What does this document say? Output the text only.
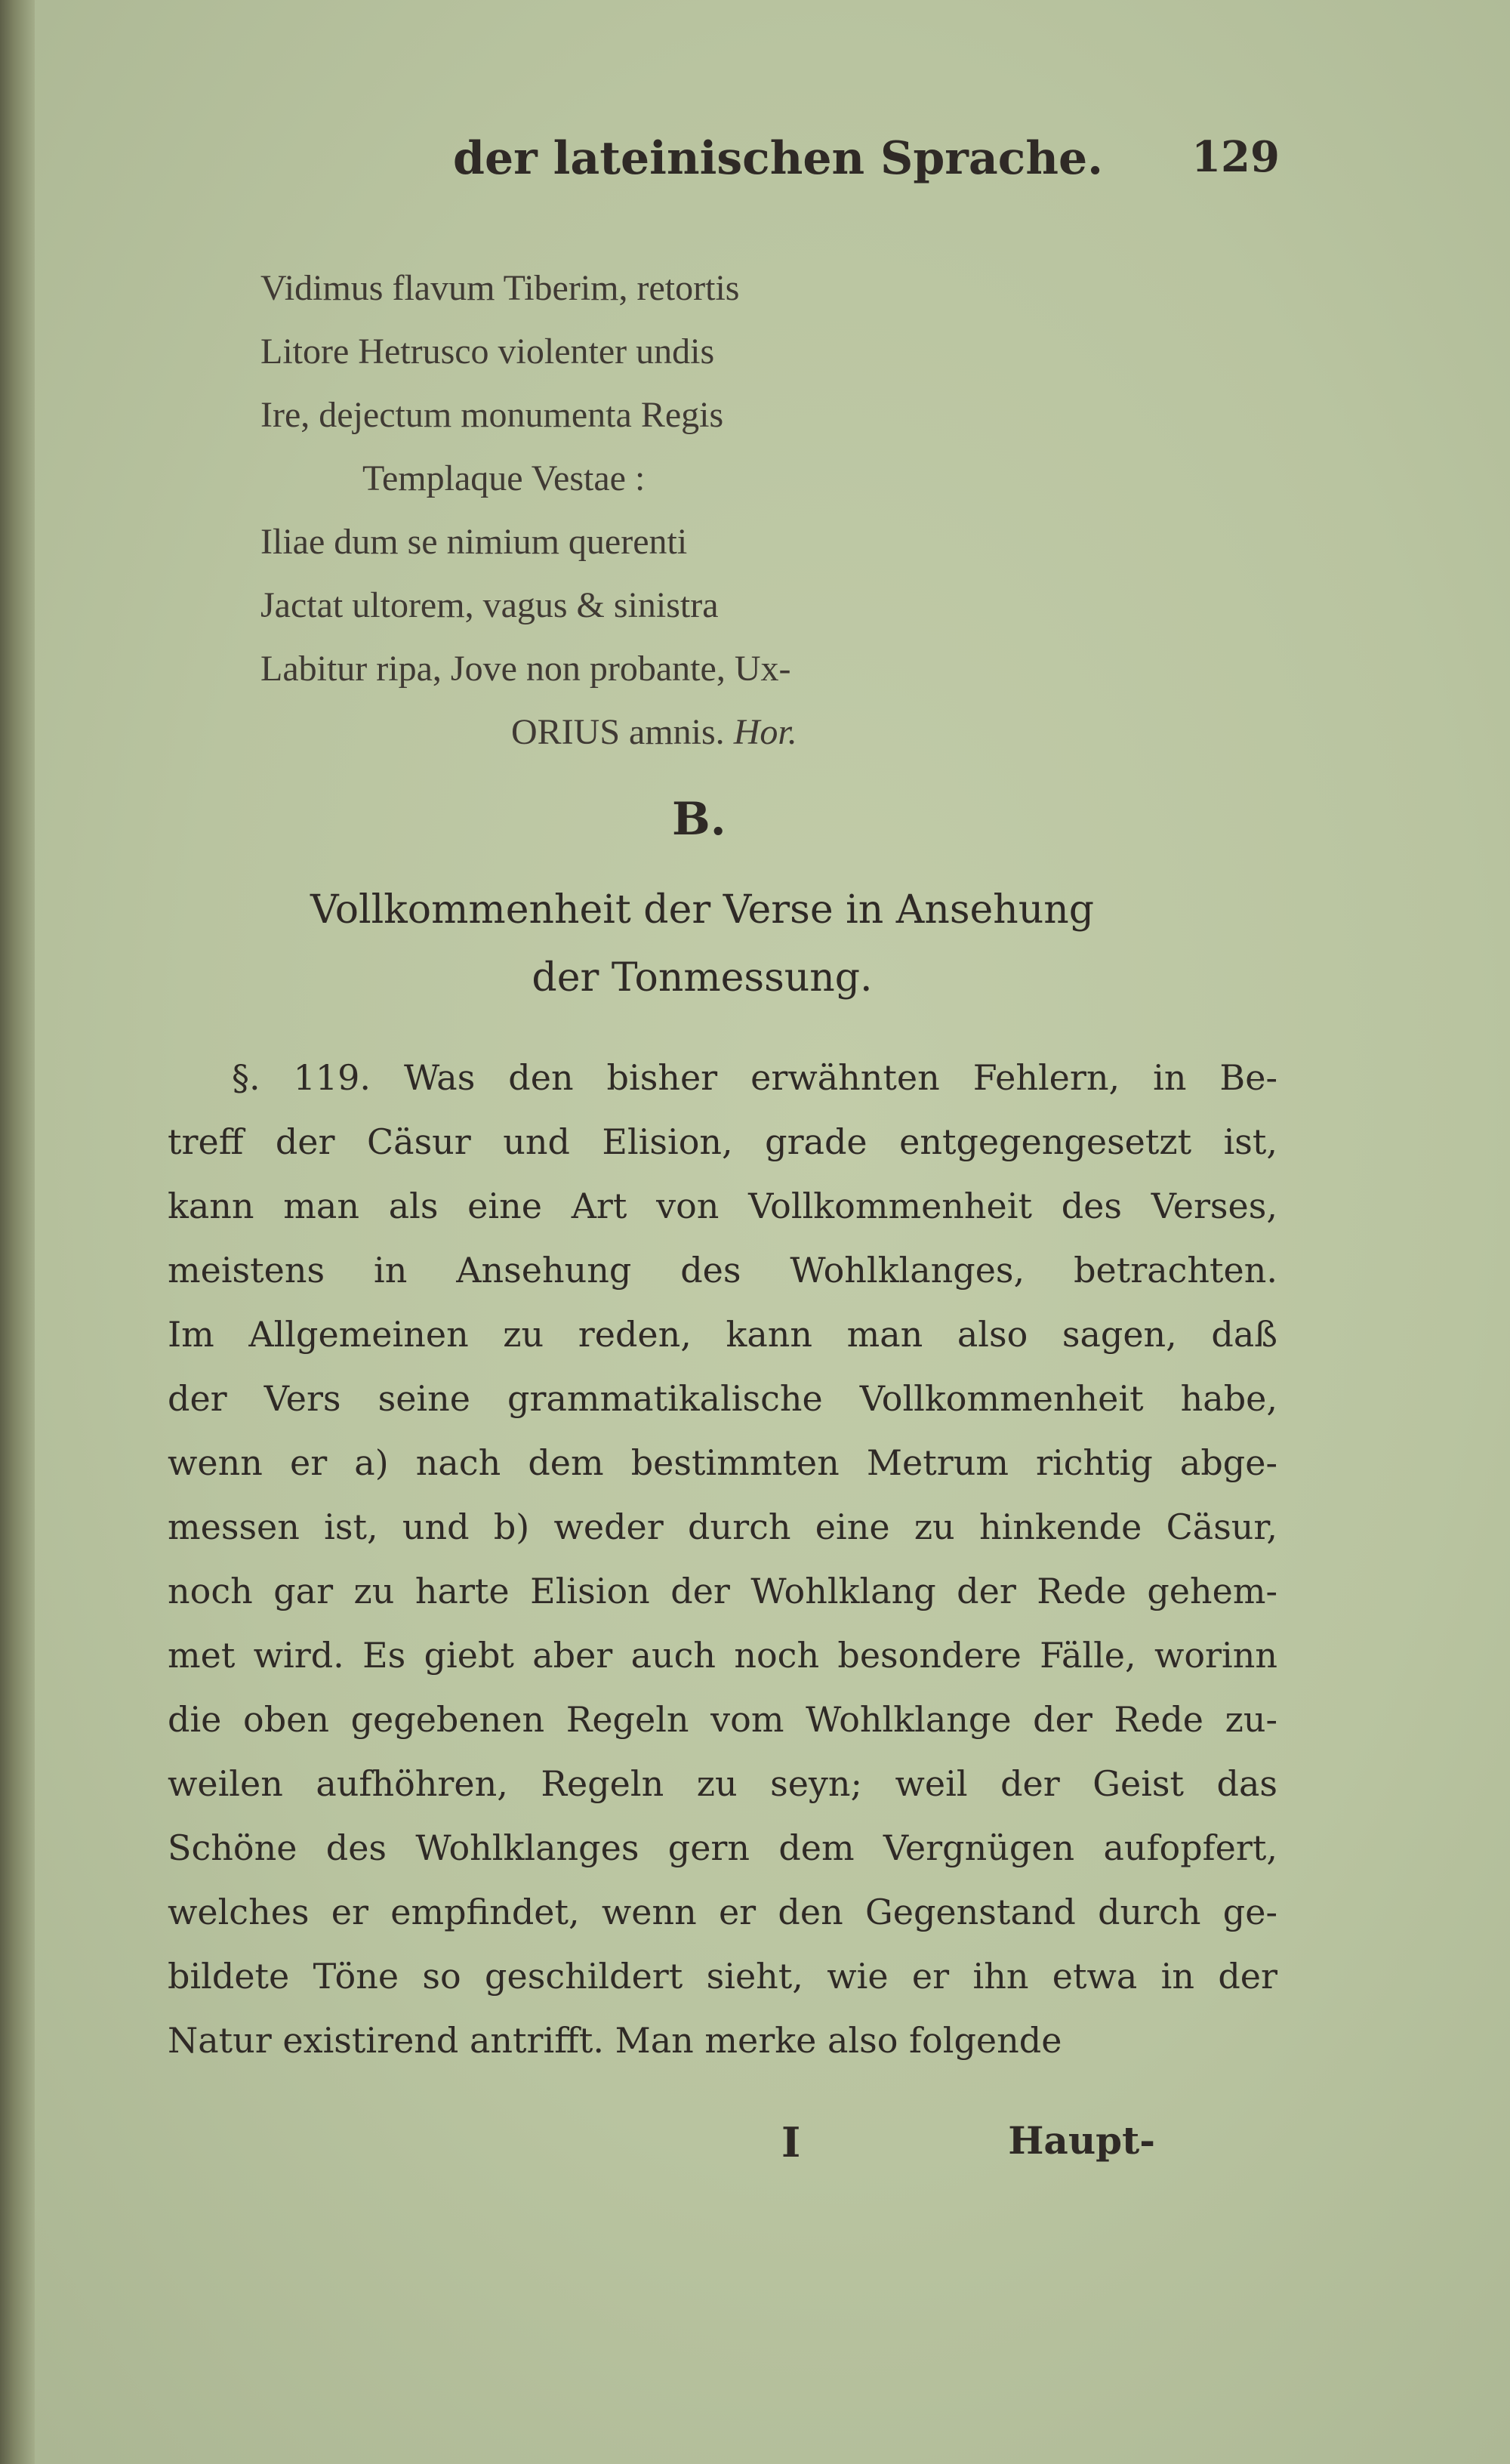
der lateinischen Sprache.	129
Vidimus flavum Tiberim, retortis
Litore Hetrusco violenter undis
Ire, dejectum monumenta Regis
Templaque Vestae :
Iliae dum se nimium querenti
Jactat ultorem, vagus & sinistra
Labitur ripa, Jove non probante, Ux-
ORIUS amnis. Hor.
B.
Vollkommenheit der Verse in Ansehung
der Tonmessung.
§. 119. Was den bisher erwähnten Fehlern, in Be-
treff der Cäsur und Elision, grade entgegengesetzt ist,
kann man als eine Art von Vollkommenheit des Verses,
meistens in Ansehung des Wohlklanges, betrachten.
Im Allgemeinen zu reden, kann man also sagen, daß
der Vers seine grammatikalische Vollkommenheit habe,
wenn er a) nach dem bestimmten Metrum richtig abge-
messen ist, und b) weder durch eine zu hinkende Cäsur,
noch gar zu harte Elision der Wohlklang der Rede gehem-
met wird. Es giebt aber auch noch besondere Fälle, worinn
die oben gegebenen Regeln vom Wohlklange der Rede zu-
weilen aufhöhren, Regeln zu seyn; weil der Geist das
Schöne des Wohlklanges gern dem Vergnügen aufopfert,
welches er empfindet, wenn er den Gegenstand durch ge-
bildete Töne so geschildert sieht, wie er ihn etwa in der
Natur existirend antrifft. Man merke also folgende
I	Haupt-
